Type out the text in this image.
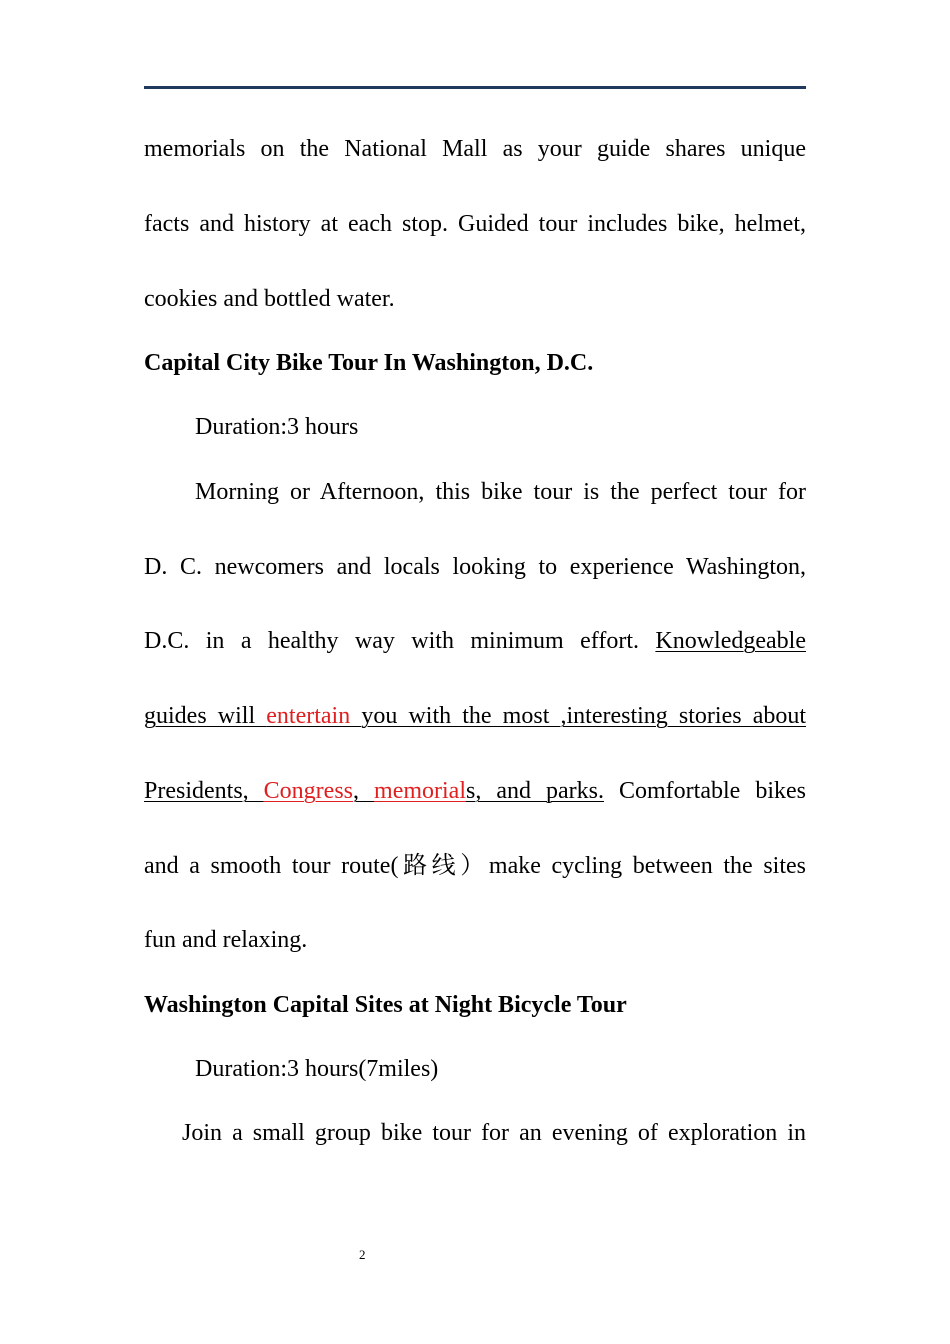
memorials on the National Mall as your guide shares unique
facts and history at each stop. Guided tour includes bike, helmet,
cookies and bottled water.
Capital City Bike Tour In Washington, D.C.
Duration:3 hours
Morning or Afternoon, this bike tour is the perfect tour for
D. C. newcomers and locals looking to experience Washington,
D.C. in a healthy way with minimum effort. Knowledgeable
guides will entertain you with the most ,interesting stories about
Presidents, Congress, memorials, and parks. Comfortable bikes
and a smooth tour route(路线）make cycling between the sites
fun and relaxing.
Washington Capital Sites at Night Bicycle Tour
Duration:3 hours(7miles)
Join a small group bike tour for an evening of exploration in
2
